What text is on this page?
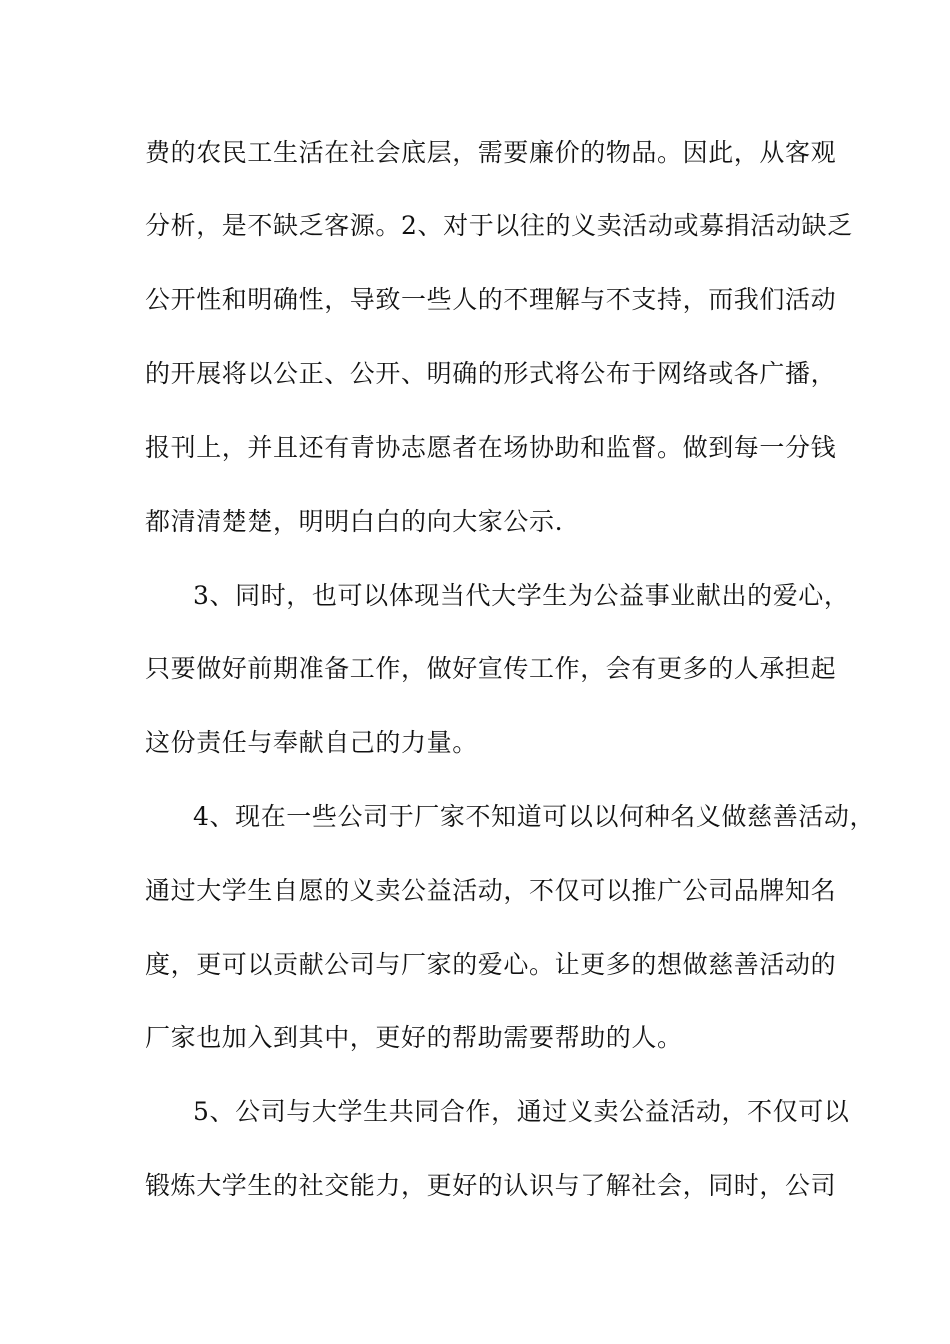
费的农民工生活在社会底层，需要廉价的物品。因此，从客观
分析，是不缺乏客源。2、对于以往的义卖活动或募捐活动缺乏
公开性和明确性，导致一些人的不理解与不支持，而我们活动
的开展将以公正、公开、明确的形式将公布于网络或各广播，
报刊上，并且还有青协志愿者在场协助和监督。做到每一分钱
都清清楚楚，明明白白的向大家公示.
3、同时，也可以体现当代大学生为公益事业献出的爱心，
只要做好前期准备工作，做好宣传工作，会有更多的人承担起
这份责任与奉献自己的力量。
4、现在一些公司于厂家不知道可以以何种名义做慈善活动，
通过大学生自愿的义卖公益活动，不仅可以推广公司品牌知名
度，更可以贡献公司与厂家的爱心。让更多的想做慈善活动的
厂家也加入到其中，更好的帮助需要帮助的人。
5、公司与大学生共同合作，通过义卖公益活动，不仅可以
锻炼大学生的社交能力，更好的认识与了解社会，同时，公司
